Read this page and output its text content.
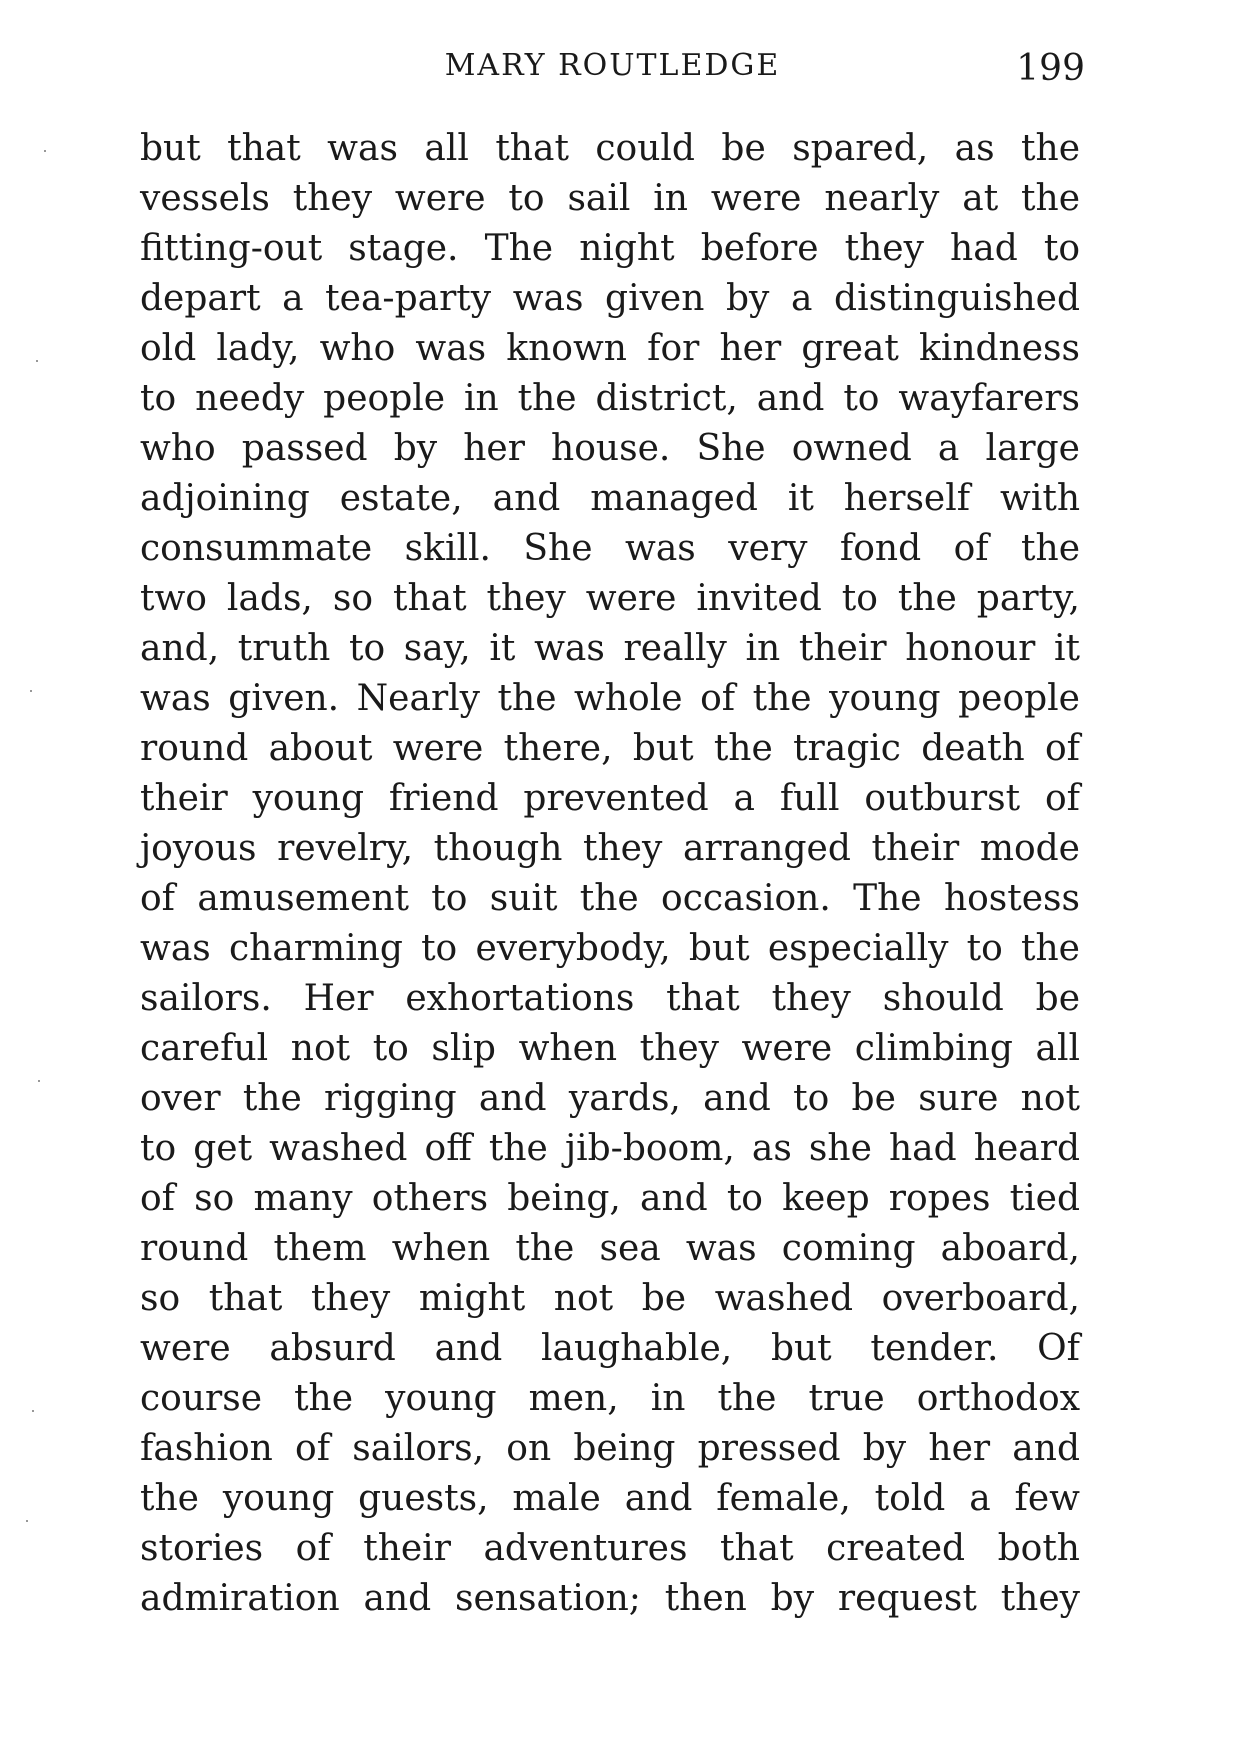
MARY ROUTLEDGE	199
but that was all that could be spared, as the
vessels they were to sail in were nearly at the
fitting-out stage. The night before they had to
depart a tea-party was given by a distinguished
old lady, who was known for her great kindness
to needy people in the district, and to wayfarers
who passed by her house. She owned a large
adjoining estate, and managed it herself with
consummate skill. She was very fond of the
two lads, so that they were invited to the party,
and, truth to say, it was really in their honour it
was given. Nearly the whole of the young people
round about were there, but the tragic death of
their young friend prevented a full outburst of
joyous revelry, though they arranged their mode
of amusement to suit the occasion. The hostess
was charming to everybody, but especially to the
sailors. Her exhortations that they should be
careful not to slip when they were climbing all
over the rigging and yards, and to be sure not
to get washed off the jib-boom, as she had heard
of so many others being, and to keep ropes tied
round them when the sea was coming aboard,
so that they might not be washed overboard,
were absurd and laughable, but tender. Of
course the young men, in the true orthodox
fashion of sailors, on being pressed by her and
the young guests, male and female, told a few
stories of their adventures that created both
admiration and sensation; then by request they
